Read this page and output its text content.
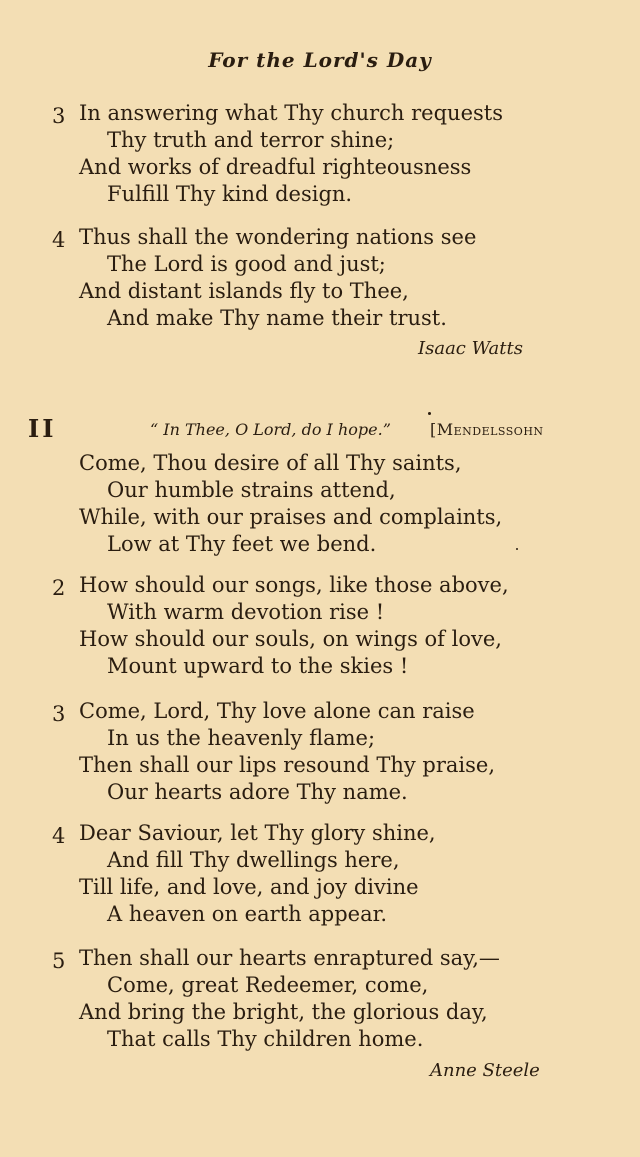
For the Lord's Day
3 In answering what Thy church requests
Thy truth and terror shine;
And works of dreadful righteousness
Fulfill Thy kind design.
4 Thus shall the wondering nations see
The Lord is good and just;
And distant islands fly to Thee,
And make Thy name their trust.
Isaac Watts
II	“ In Thee, O Lord, do I hope.” [Mendelssohn
Come, Thou desire of all Thy saints,
Our humble strains attend,
While, with our praises and complaints,
Low at Thy feet we bend.
2 How should our songs, like those above,
With warm devotion rise !
How should our souls, on wings of love,
Mount upward to the skies !
3 Come, Lord, Thy love alone can raise
In us the heavenly flame;
Then shall our lips resound Thy praise,
Our hearts adore Thy name.
4 Dear Saviour, let Thy glory shine,
And fill Thy dwellings here,
Till life, and love, and joy divine
A heaven on earth appear.
5 Then shall our hearts enraptured say,—
Come, great Redeemer, come,
And bring the bright, the glorious day,
That calls Thy children home.
Anne Steele
